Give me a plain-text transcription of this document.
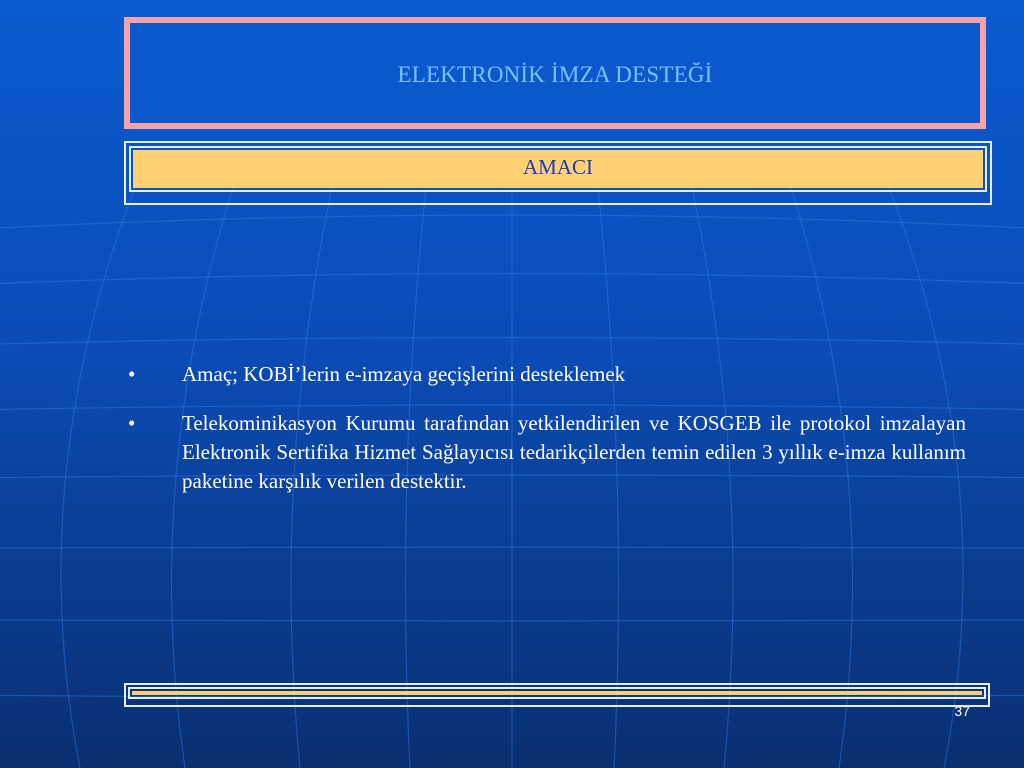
ELEKTRONİK İMZA DESTEĞİ
AMACI
•	Amaç; KOBİ’lerin e-imzaya geçişlerini desteklemek
•	Telekominikasyon Kurumu tarafından yetkilendirilen ve KOSGEB ile protokol imzalayan Elektronik Sertifika Hizmet Sağlayıcısı tedarikçilerden temin edilen 3 yıllık e-imza kullanım paketine karşılık verilen destektir.
37
